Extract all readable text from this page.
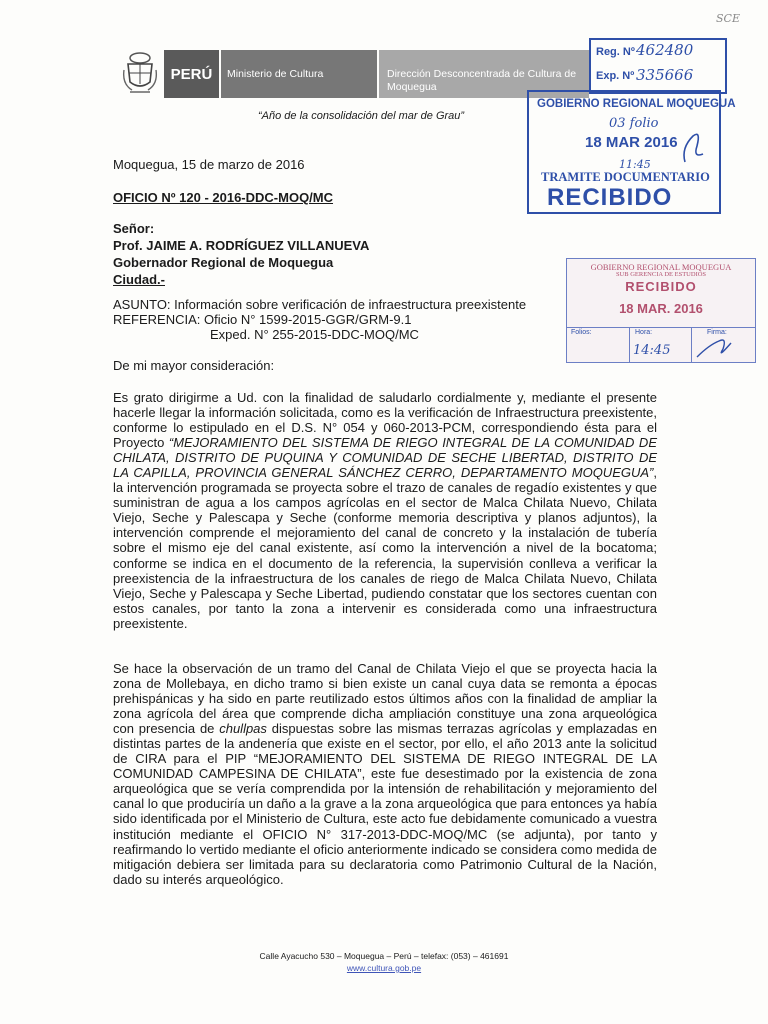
PERÚ	Ministerio de Cultura	Dirección Desconcentrada de Cultura de Moquegua
SCE
Reg. Nº 462480
Exp. Nº 335666
GOBIERNO REGIONAL MOQUEGUA
03 folio
18 MAR 2016
11:45
TRAMITE DOCUMENTARIO
RECIBIDO
“Año de la consolidación del mar de Grau”
Moquegua, 15 de marzo de 2016
OFICIO Nº 120 - 2016-DDC-MOQ/MC
Señor:
Prof. JAIME A. RODRÍGUEZ VILLANUEVA
Gobernador Regional de Moquegua
Ciudad.-
GOBIERNO REGIONAL MOQUEGUA
SUB GERENCIA DE ESTUDIOS
RECIBIDO
18 MAR. 2016
Folios:	Hora:	Firma:
14:45
ASUNTO: Información sobre verificación de infraestructura preexistente
REFERENCIA: Oficio N° 1599-2015-GGR/GRM-9.1
Exped. N° 255-2015-DDC-MOQ/MC
De mi mayor consideración:
Es grato dirigirme a Ud. con la finalidad de saludarlo cordialmente y, mediante el presente hacerle llegar la información solicitada, como es la verificación de Infraestructura preexistente, conforme lo estipulado en el D.S. N° 054 y 060-2013-PCM, correspondiendo ésta para el Proyecto “MEJORAMIENTO DEL SISTEMA DE RIEGO INTEGRAL DE LA COMUNIDAD DE CHILATA, DISTRITO DE PUQUINA Y COMUNIDAD DE SECHE LIBERTAD, DISTRITO DE LA CAPILLA, PROVINCIA GENERAL SÁNCHEZ CERRO, DEPARTAMENTO MOQUEGUA”, la intervención programada se proyecta sobre el trazo de canales de regadío existentes y que suministran de agua a los campos agrícolas en el sector de Malca Chilata Nuevo, Chilata Viejo, Seche y Palescapa y Seche (conforme memoria descriptiva y planos adjuntos), la intervención comprende el mejoramiento del canal de concreto y la instalación de tubería sobre el mismo eje del canal existente, así como la intervención a nivel de la bocatoma; conforme se indica en el documento de la referencia, la supervisión conlleva a verificar la preexistencia de la infraestructura de los canales de riego de Malca Chilata Nuevo, Chilata Viejo, Seche y Palescapa y Seche Libertad, pudiendo constatar que los sectores cuentan con estos canales, por tanto la zona a intervenir es considerada como una infraestructura preexistente.
Se hace la observación de un tramo del Canal de Chilata Viejo el que se proyecta hacia la zona de Mollebaya, en dicho tramo si bien existe un canal cuya data se remonta a épocas prehispánicas y ha sido en parte reutilizado estos últimos años con la finalidad de ampliar la zona agrícola del área que comprende dicha ampliación constituye una zona arqueológica con presencia de chullpas dispuestas sobre las mismas terrazas agrícolas y emplazadas en distintas partes de la andenería que existe en el sector, por ello, el año 2013 ante la solicitud de CIRA para el PIP “MEJORAMIENTO DEL SISTEMA DE RIEGO INTEGRAL DE LA COMUNIDAD CAMPESINA DE CHILATA”, este fue desestimado por la existencia de zona arqueológica que se vería comprendida por la intensión de rehabilitación y mejoramiento del canal lo que produciría un daño a la grave a la zona arqueológica que para entonces ya había sido identificada por el Ministerio de Cultura, este acto fue debidamente comunicado a vuestra institución mediante el OFICIO N° 317-2013-DDC-MOQ/MC (se adjunta), por tanto y reafirmando lo vertido mediante el oficio anteriormente indicado se considera como medida de mitigación debiera ser limitada para su declaratoria como Patrimonio Cultural de la Nación, dado su interés arqueológico.
Calle Ayacucho 530 – Moquegua – Perú – telefax: (053) – 461691
www.cultura.gob.pe
